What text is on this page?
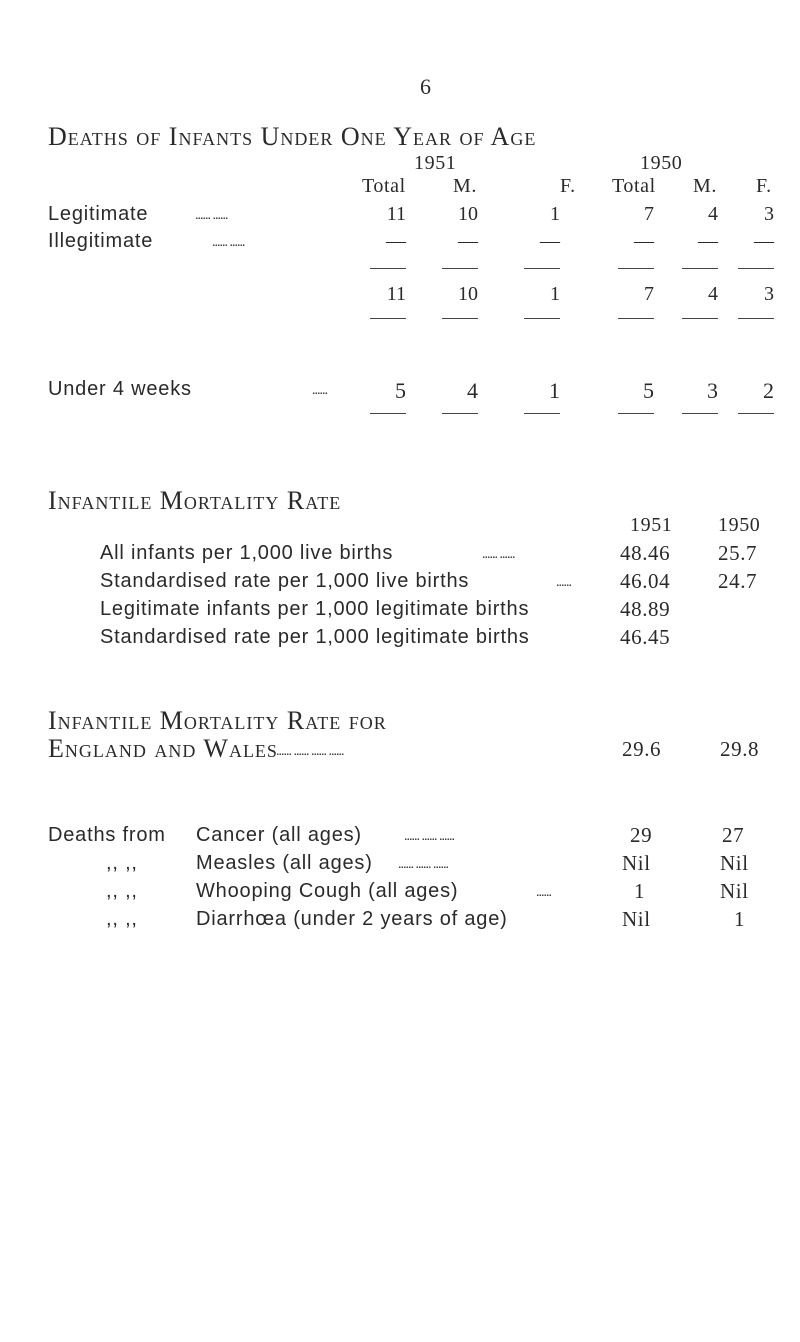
6
Deaths of Infants Under One Year of Age
1951	1950
Total M.	F. Total M. F.
Legitimate	...... ......	11	10	1	7	4	3
Illegitimate	...... ......	—	—	—	—	—	—
11	10	1	7	4	3
Under 4 weeks	......	5	4	1	5	3	2
Infantile Mortality Rate
1951 1950
All infants per 1,000 live births	...... ......	48.46 25.7
Standardised rate per 1,000 live births	...... 46.04 24.7
Legitimate infants per 1,000 legitimate births	48.89
Standardised rate per 1,000 legitimate births	46.45
Infantile Mortality Rate for
England and Wales
...... ...... ...... ......	29.6	29.8
Deaths from Cancer (all ages)	...... ...... ......	29	27
,, ,,	Measles (all ages) ...... ...... ......	Nil	Nil
,, ,,	Whooping Cough (all ages)	......	1	Nil
,, ,,	Diarrhœa (under 2 years of age)	Nil	1
